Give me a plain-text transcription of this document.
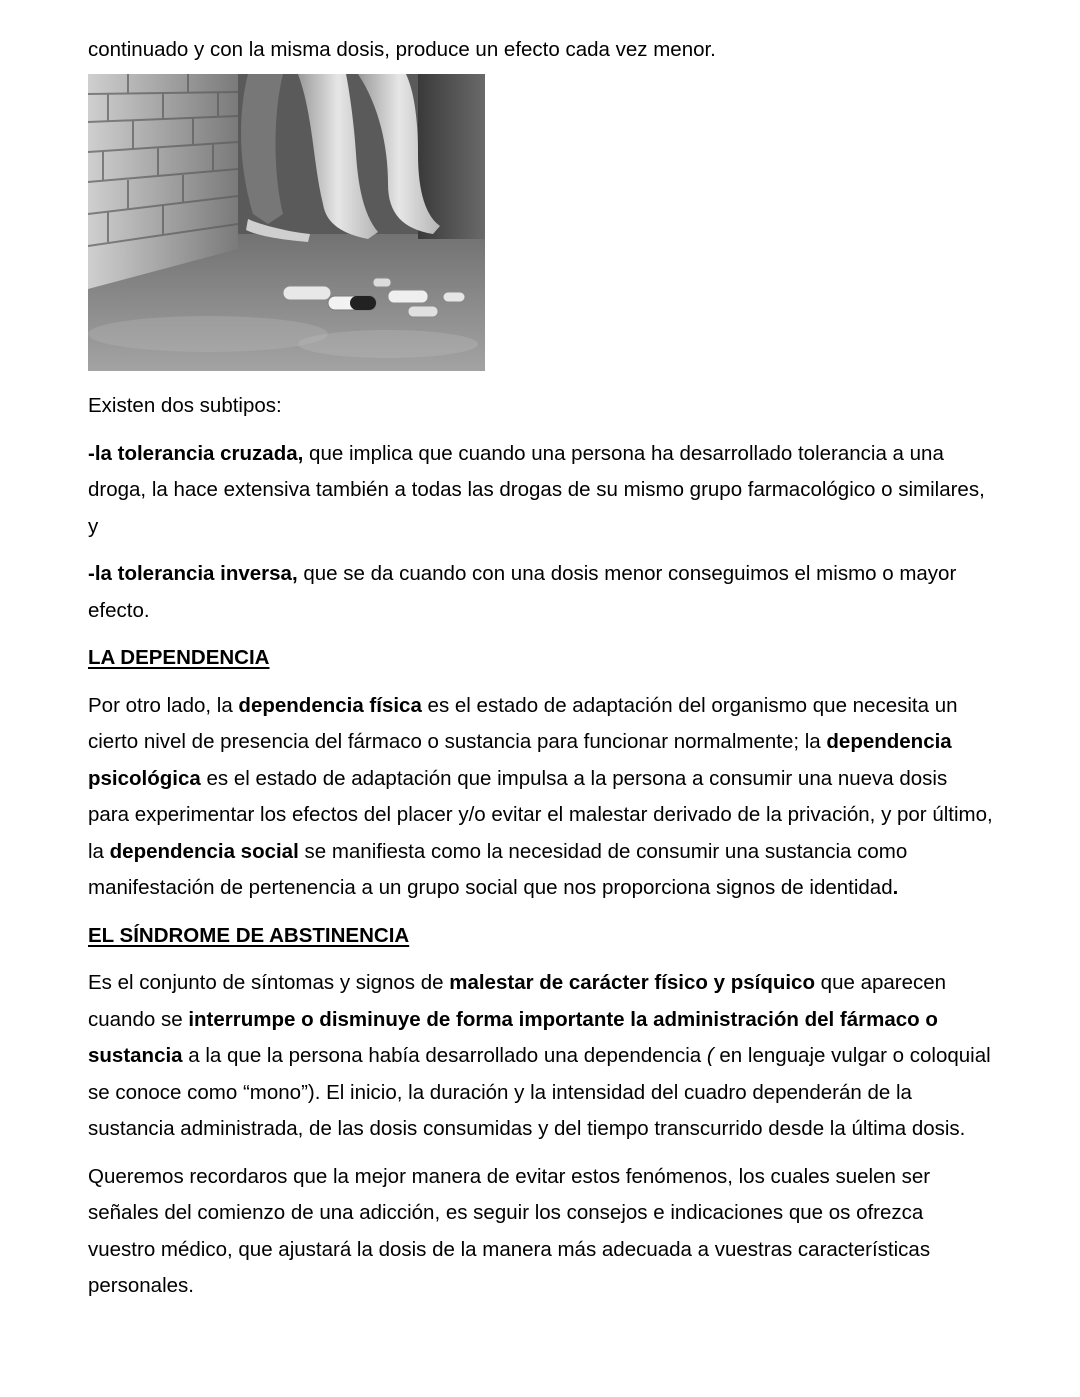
continuado y con la misma dosis, produce un efecto cada vez menor.

Existen dos subtipos:

-la tolerancia cruzada, que implica que cuando una persona ha desarrollado tolerancia a una droga, la hace extensiva también a todas las drogas de su mismo grupo farmacológico o similares, y

-la tolerancia inversa, que se da cuando con una dosis menor conseguimos el mismo o mayor efecto.

LA DEPENDENCIA

Por otro lado, la dependencia física es el estado de adaptación del organismo que necesita un cierto nivel de presencia del fármaco o sustancia para funcionar normalmente; la dependencia psicológica es el estado de adaptación que impulsa a la persona a consumir una nueva dosis para experimentar los efectos del placer y/o evitar el malestar derivado de la privación, y por último, la dependencia social se manifiesta como la necesidad de consumir una sustancia como manifestación de pertenencia a un grupo social que nos proporciona signos de identidad.

EL SÍNDROME DE ABSTINENCIA

Es el conjunto de síntomas y signos de malestar de carácter físico y psíquico que aparecen cuando se interrumpe o disminuye de forma importante la administración del fármaco o sustancia a la que la persona había desarrollado una dependencia ( en lenguaje vulgar o coloquial se conoce como “mono”). El inicio, la duración y la intensidad del cuadro dependerán de la sustancia administrada, de las dosis consumidas y del tiempo transcurrido desde la última dosis.

Queremos recordaros que la mejor manera de evitar estos fenómenos, los cuales suelen ser señales del comienzo de una adicción, es seguir los consejos e indicaciones que os ofrezca vuestro médico, que ajustará la dosis de la manera más adecuada a vuestras características personales.
